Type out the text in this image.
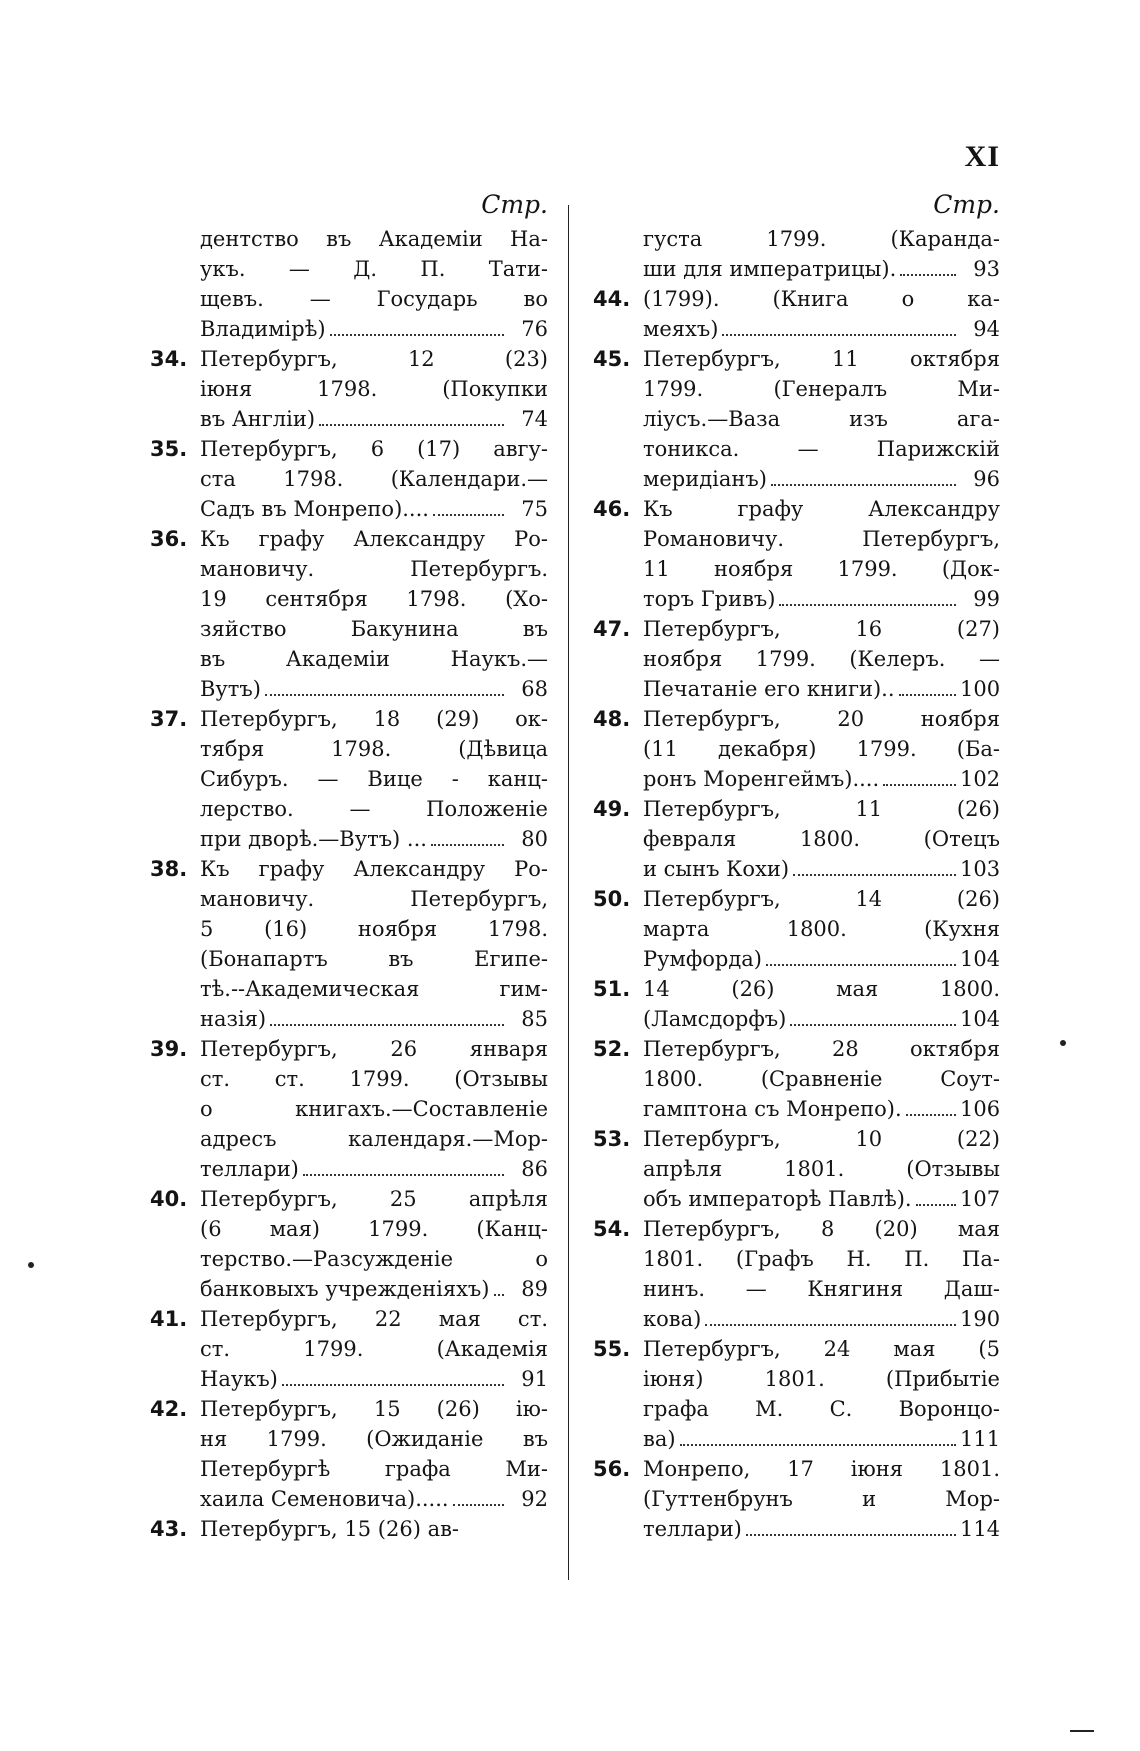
XI
Стр.
дентство въ Академіи На-
укъ. — Д. П. Тати-
щевъ. — Государь во
Владимірѣ)	76
34. Петербургъ, 12 (23)
іюня 1798. (Покупки
въ Англіи)	74
35. Петербургъ, 6 (17) авгу-
ста 1798. (Календари.—
Садъ въ Монрепо)....	75
36. Къ графу Александру Ро-
мановичу. Петербургъ.
19 сентября 1798. (Хо-
зяйство Бакунина въ
въ Академіи Наукъ.—
Вутъ)	68
37. Петербургъ, 18 (29) ок-
тября 1798. (Дѣвица
Сибуръ. — Вице - канц-
лерство. — Положеніе
при дворѣ.—Вутъ) ...	80
38. Къ графу Александру Ро-
мановичу. Петербургъ,
5 (16) ноября 1798.
(Бонапартъ въ Египе-
тѣ.--Академическая гим-
назія)	85
39. Петербургъ, 26 января
ст. ст. 1799. (Отзывы
о книгахъ.—Составленіе
адресъ календаря.—Мор-
теллари)	86
40. Петербургъ, 25 апрѣля
(6 мая) 1799. (Канц-
терство.—Разсужденіе о
банковыхъ учрежденіяхъ)	89
41. Петербургъ, 22 мая ст.
ст. 1799. (Академія
Наукъ)	91
42. Петербургъ, 15 (26) ію-
ня 1799. (Ожиданіе въ
Петербургѣ графа Ми-
хаила Семеновича).....	92
43. Петербургъ, 15 (26) ав-
Стр.
густа 1799. (Каранда-
ши для императрицы).	93
44. (1799). (Книга о ка-
меяхъ)	94
45. Петербургъ, 11 октября
1799. (Генералъ Ми-
ліусъ.—Ваза изъ ага-
тоникса. — Парижскій
меридіанъ)	96
46. Къ графу Александру
Романовичу. Петербургъ,
11 ноября 1799. (Док-
торъ Гривъ)	99
47. Петербургъ, 16 (27)
ноября 1799. (Келеръ. —
Печатаніе его книги)..	100
48. Петербургъ, 20 ноября
(11 декабря) 1799. (Ба-
ронъ Моренгеймъ)....	102
49. Петербургъ, 11 (26)
февраля 1800. (Отецъ
и сынъ Кохи)	103
50. Петербургъ, 14 (26)
марта 1800. (Кухня
Румфорда)	104
51. 14 (26) мая 1800.
(Ламсдорфъ)	104
52. Петербургъ, 28 октября
1800. (Сравненіе Соут-
гамптона съ Монрепо).	106
53. Петербургъ, 10 (22)
апрѣля 1801. (Отзывы
объ императорѣ Павлѣ). 107
54. Петербургъ, 8 (20) мая
1801. (Графъ Н. П. Па-
нинъ. — Княгиня Даш-
кова)	190
55. Петербургъ, 24 мая (5
іюня) 1801. (Прибытіе
графа М. С. Воронцо-
ва)	111
56. Монрепо, 17 іюня 1801.
(Гуттенбрунъ и Мор-
теллари)	114
